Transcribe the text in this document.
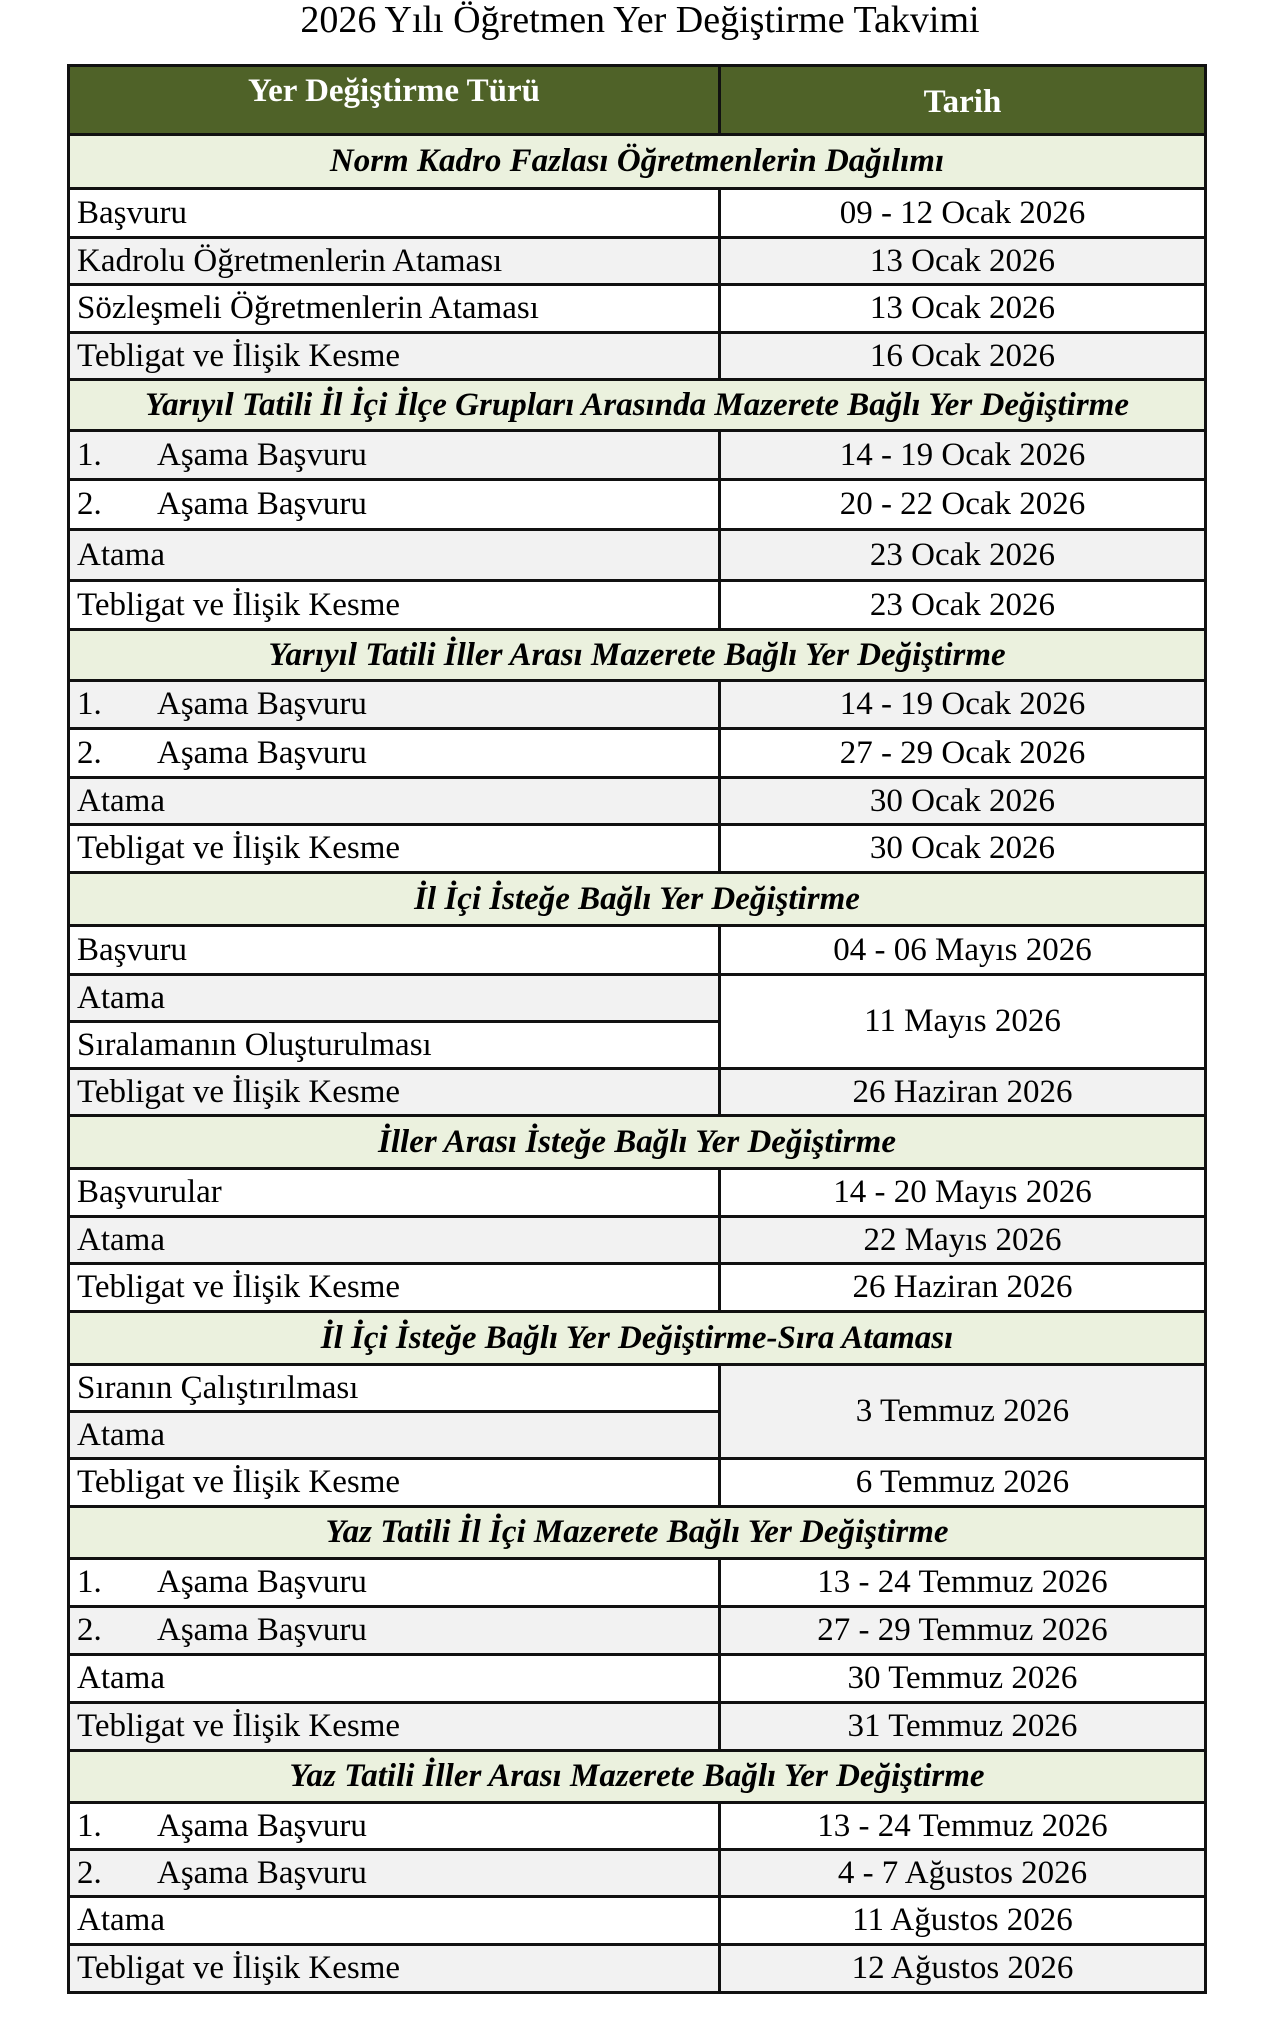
2026 Yılı Öğretmen Yer Değiştirme Takvimi
Yer Değiştirme Türü	Tarih
Norm Kadro Fazlası Öğretmenlerin Dağılımı	
Başvuru	09 - 12 Ocak 2026
Kadrolu Öğretmenlerin Ataması	13 Ocak 2026
Sözleşmeli Öğretmenlerin Ataması	13 Ocak 2026
Tebligat ve İlişik Kesme	16 Ocak 2026
Yarıyıl Tatili İl İçi İlçe Grupları Arasında Mazerete Bağlı Yer Değiştirme	
1. Aşama Başvuru	14 - 19 Ocak 2026
2. Aşama Başvuru	20 - 22 Ocak 2026
Atama	23 Ocak 2026
Tebligat ve İlişik Kesme	23 Ocak 2026
Yarıyıl Tatili İller Arası Mazerete Bağlı Yer Değiştirme	
1. Aşama Başvuru	14 - 19 Ocak 2026
2. Aşama Başvuru	27 - 29 Ocak 2026
Atama	30 Ocak 2026
Tebligat ve İlişik Kesme	30 Ocak 2026
İl İçi İsteğe Bağlı Yer Değiştirme	
Başvuru	04 - 06 Mayıs 2026
Atama	11 Mayıs 2026
Sıralamanın Oluşturulması	
Tebligat ve İlişik Kesme	26 Haziran 2026
İller Arası İsteğe Bağlı Yer Değiştirme	
Başvurular	14 - 20 Mayıs 2026
Atama	22 Mayıs 2026
Tebligat ve İlişik Kesme	26 Haziran 2026
İl İçi İsteğe Bağlı Yer Değiştirme-Sıra Ataması	
Sıranın Çalıştırılması	3 Temmuz 2026
Atama	
Tebligat ve İlişik Kesme	6 Temmuz 2026
Yaz Tatili İl İçi Mazerete Bağlı Yer Değiştirme	
1. Aşama Başvuru	13 - 24 Temmuz 2026
2. Aşama Başvuru	27 - 29 Temmuz 2026
Atama	30 Temmuz 2026
Tebligat ve İlişik Kesme	31 Temmuz 2026
Yaz Tatili İller Arası Mazerete Bağlı Yer Değiştirme	
1. Aşama Başvuru	13 - 24 Temmuz 2026
2. Aşama Başvuru	4 - 7 Ağustos 2026
Atama	11 Ağustos 2026
Tebligat ve İlişik Kesme	12 Ağustos 2026
